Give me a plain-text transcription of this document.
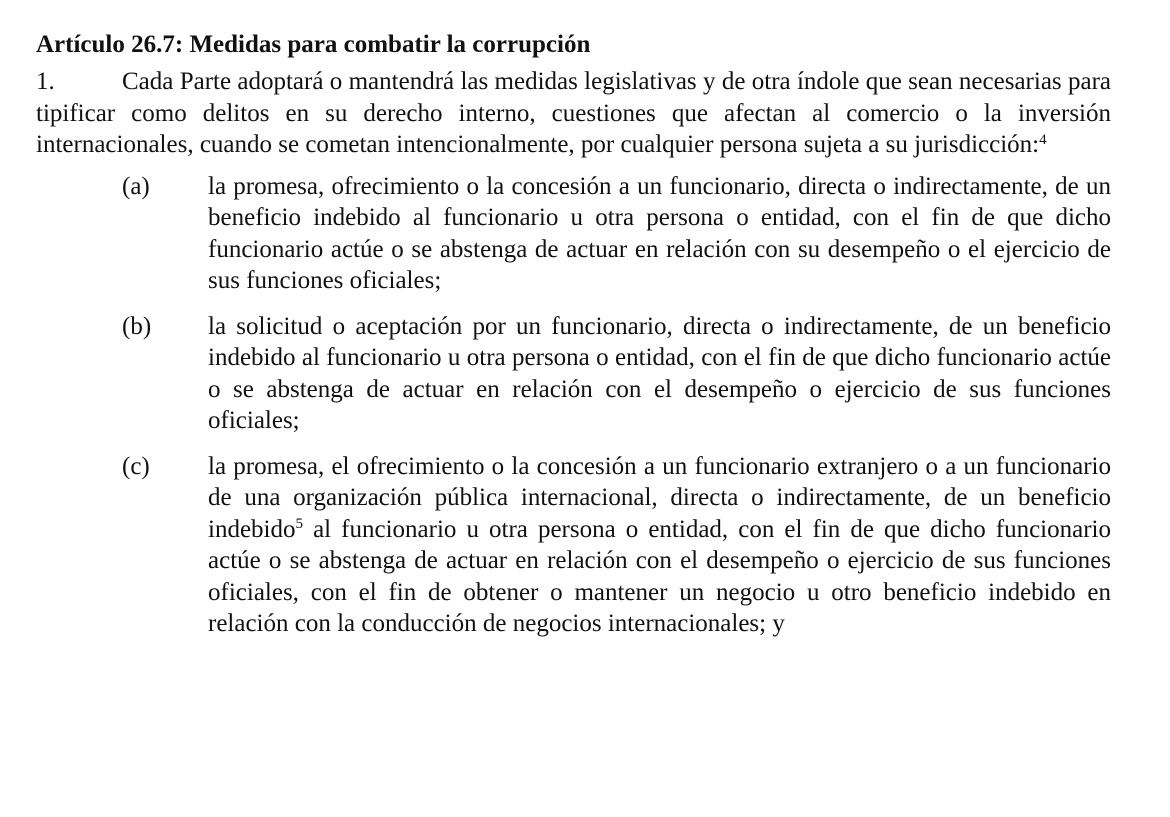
Artículo 26.7: Medidas para combatir la corrupción

1.	Cada Parte adoptará o mantendrá las medidas legislativas y de otra índole que sean necesarias para tipificar como delitos en su derecho interno, cuestiones que afectan al comercio o la inversión internacionales, cuando se cometan intencionalmente, por cualquier persona sujeta a su jurisdicción:$^4$

(a)	la promesa, ofrecimiento o la concesión a un funcionario, directa o indirectamente, de un beneficio indebido al funcionario u otra persona o entidad, con el fin de que dicho funcionario actúe o se abstenga de actuar en relación con su desempeño o el ejercicio de sus funciones oficiales;
(b)	la solicitud o aceptación por un funcionario, directa o indirectamente, de un beneficio indebido al funcionario u otra persona o entidad, con el fin de que dicho funcionario actúe o se abstenga de actuar en relación con el desempeño o ejercicio de sus funciones oficiales;
(c)	la promesa, el ofrecimiento o la concesión a un funcionario extranjero o a un funcionario de una organización pública internacional, directa o indirectamente, de un beneficio indebido$^5$ al funcionario u otra persona o entidad, con el fin de que dicho funcionario actúe o se abstenga de actuar en relación con el desempeño o ejercicio de sus funciones oficiales, con el fin de obtener o mantener un negocio u otro beneficio indebido en relación con la conducción de negocios internacionales; y
